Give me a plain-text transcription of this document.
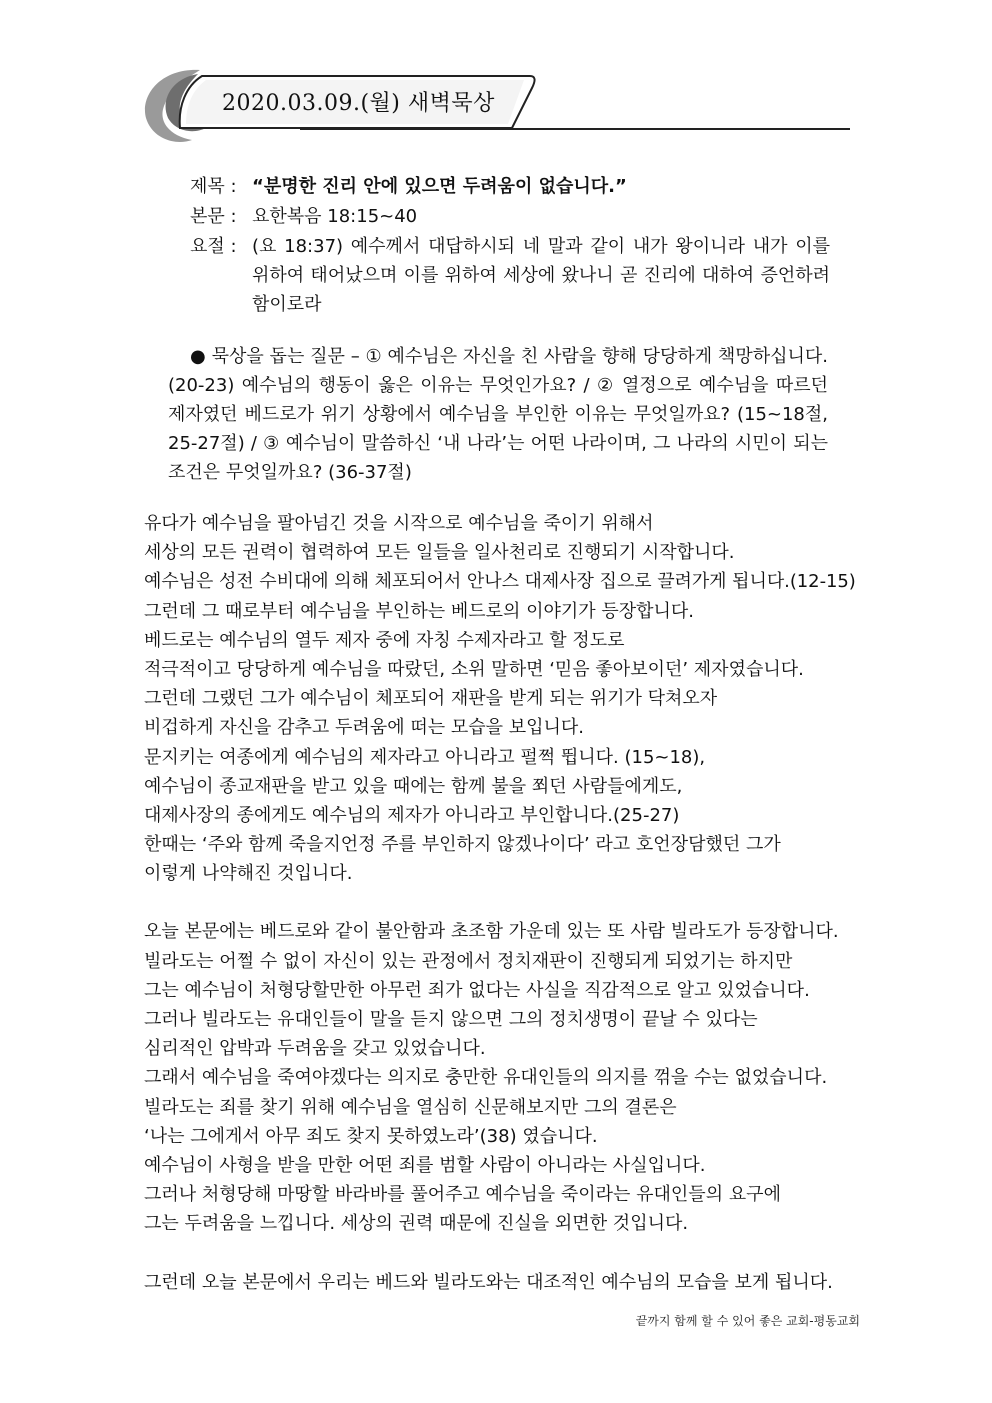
2020.03.09.(월) 새벽묵상
제목 : “분명한 진리 안에 있으면 두려움이 없습니다.”
본문 : 요한복음 18:15~40
요절 : (요 18:37) 예수께서 대답하시되 네 말과 같이 내가 왕이니라 내가 이를 위하여 태어났으며 이를 위하여 세상에 왔나니 곧 진리에 대하여 증언하려 함이로라
● 묵상을 돕는 질문 – ① 예수님은 자신을 친 사람을 향해 당당하게 책망하십니다. (20-23) 예수님의 행동이 옳은 이유는 무엇인가요? / ② 열정으로 예수님을 따르던 제자였던 베드로가 위기 상황에서 예수님을 부인한 이유는 무엇일까요? (15~18절, 25-27절) / ③ 예수님이 말씀하신 ‘내 나라’는 어떤 나라이며, 그 나라의 시민이 되는 조건은 무엇일까요? (36-37절)
유다가 예수님을 팔아넘긴 것을 시작으로 예수님을 죽이기 위해서
세상의 모든 권력이 협력하여 모든 일들을 일사천리로 진행되기 시작합니다.
예수님은 성전 수비대에 의해 체포되어서 안나스 대제사장 집으로 끌려가게 됩니다.(12-15)
그런데 그 때로부터 예수님을 부인하는 베드로의 이야기가 등장합니다.
베드로는 예수님의 열두 제자 중에 자칭 수제자라고 할 정도로
적극적이고 당당하게 예수님을 따랐던, 소위 말하면 ‘믿음 좋아보이던’ 제자였습니다.
그런데 그랬던 그가 예수님이 체포되어 재판을 받게 되는 위기가 닥쳐오자
비겁하게 자신을 감추고 두려움에 떠는 모습을 보입니다.
문지키는 여종에게 예수님의 제자라고 아니라고 펄쩍 뜁니다. (15~18),
예수님이 종교재판을 받고 있을 때에는 함께 불을 쬐던 사람들에게도,
대제사장의 종에게도 예수님의 제자가 아니라고 부인합니다.(25-27)
한때는 ‘주와 함께 죽을지언정 주를 부인하지 않겠나이다’ 라고 호언장담했던 그가
이렇게 나약해진 것입니다.
오늘 본문에는 베드로와 같이 불안함과 초조함 가운데 있는 또 사람 빌라도가 등장합니다.
빌라도는 어쩔 수 없이 자신이 있는 관정에서 정치재판이 진행되게 되었기는 하지만
그는 예수님이 처형당할만한 아무런 죄가 없다는 사실을 직감적으로 알고 있었습니다.
그러나 빌라도는 유대인들이 말을 듣지 않으면 그의 정치생명이 끝날 수 있다는
심리적인 압박과 두려움을 갖고 있었습니다.
그래서 예수님을 죽여야겠다는 의지로 충만한 유대인들의 의지를 꺾을 수는 없었습니다.
빌라도는 죄를 찾기 위해 예수님을 열심히 신문해보지만 그의 결론은
‘나는 그에게서 아무 죄도 찾지 못하였노라’(38) 였습니다.
예수님이 사형을 받을 만한 어떤 죄를 범할 사람이 아니라는 사실입니다.
그러나 처형당해 마땅할 바라바를 풀어주고 예수님을 죽이라는 유대인들의 요구에
그는 두려움을 느낍니다. 세상의 권력 때문에 진실을 외면한 것입니다.
그런데 오늘 본문에서 우리는 베드와 빌라도와는 대조적인 예수님의 모습을 보게 됩니다.
끝까지 함께 할 수 있어 좋은 교회-평동교회
